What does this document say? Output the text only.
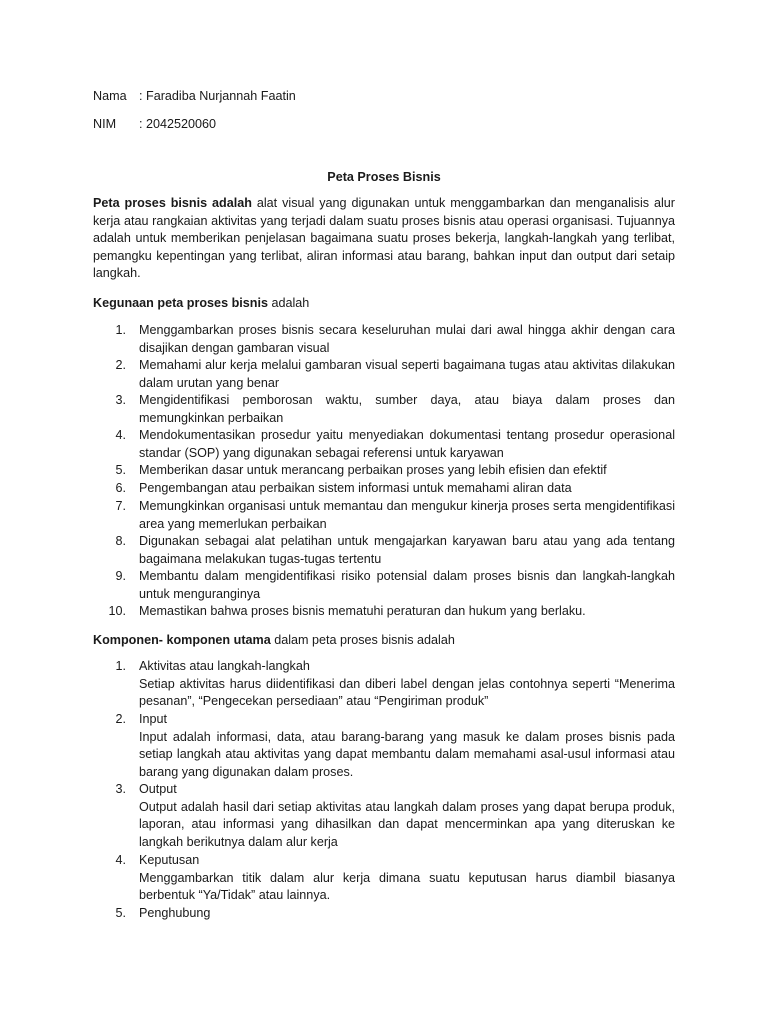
Nama : Faradiba Nurjannah Faatin
NIM : 2042520060
Peta Proses Bisnis
Peta proses bisnis adalah alat visual yang digunakan untuk menggambarkan dan menganalisis alur kerja atau rangkaian aktivitas yang terjadi dalam suatu proses bisnis atau operasi organisasi. Tujuannya adalah untuk memberikan penjelasan bagaimana suatu proses bekerja, langkah-langkah yang terlibat, pemangku kepentingan yang terlibat, aliran informasi atau barang, bahkan input dan output dari setaip langkah.
Kegunaan peta proses bisnis adalah
1. Menggambarkan proses bisnis secara keseluruhan mulai dari awal hingga akhir dengan cara disajikan dengan gambaran visual
2. Memahami alur kerja melalui gambaran visual seperti bagaimana tugas atau aktivitas dilakukan dalam urutan yang benar
3. Mengidentifikasi pemborosan waktu, sumber daya, atau biaya dalam proses dan memungkinkan perbaikan
4. Mendokumentasikan prosedur yaitu menyediakan dokumentasi tentang prosedur operasional standar (SOP) yang digunakan sebagai referensi untuk karyawan
5. Memberikan dasar untuk merancang perbaikan proses yang lebih efisien dan efektif
6. Pengembangan atau perbaikan sistem informasi untuk memahami aliran data
7. Memungkinkan organisasi untuk memantau dan mengukur kinerja proses serta mengidentifikasi area yang memerlukan perbaikan
8. Digunakan sebagai alat pelatihan untuk mengajarkan karyawan baru atau yang ada tentang bagaimana melakukan tugas-tugas tertentu
9. Membantu dalam mengidentifikasi risiko potensial dalam proses bisnis dan langkah-langkah untuk menguranginya
10. Memastikan bahwa proses bisnis mematuhi peraturan dan hukum yang berlaku.
Komponen- komponen utama dalam peta proses bisnis adalah
1. Aktivitas atau langkah-langkah
Setiap aktivitas harus diidentifikasi dan diberi label dengan jelas contohnya seperti “Menerima pesanan”, “Pengecekan persediaan” atau “Pengiriman produk”
2. Input
Input adalah informasi, data, atau barang-barang yang masuk ke dalam proses bisnis pada setiap langkah atau aktivitas yang dapat membantu dalam memahami asal-usul informasi atau barang yang digunakan dalam proses.
3. Output
Output adalah hasil dari setiap aktivitas atau langkah dalam proses yang dapat berupa produk, laporan, atau informasi yang dihasilkan dan dapat mencerminkan apa yang diteruskan ke langkah berikutnya dalam alur kerja
4. Keputusan
Menggambarkan titik dalam alur kerja dimana suatu keputusan harus diambil biasanya berbentuk “Ya/Tidak” atau lainnya.
5. Penghubung
